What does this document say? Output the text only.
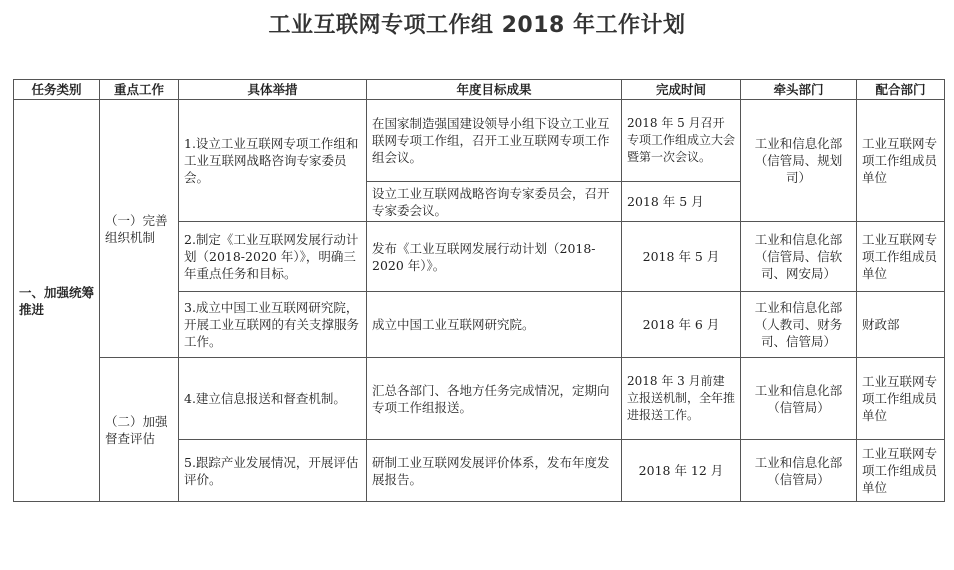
工业互联网专项工作组 2018 年工作计划
任务类别	重点工作	具体举措	年度目标成果	完成时间	牵头部门	配合部门
一、加强统筹推进	（一）完善组织机制	1.设立工业互联网专项工作组和工业互联网战略咨询专家委员会。	在国家制造强国建设领导小组下设立工业互联网专项工作组，召开工业互联网专项工作组会议。	2018 年 5 月召开专项工作组成立大会暨第一次会议。	工业和信息化部（信管局、规划司）	工业互联网专项工作组成员单位
			设立工业互联网战略咨询专家委员会，召开专家委会议。	2018 年 5 月		
		2.制定《工业互联网发展行动计划（2018-2020 年）》，明确三年重点任务和目标。	发布《工业互联网发展行动计划（2018-2020 年）》。	2018 年 5 月	工业和信息化部（信管局、信软司、网安局）	工业互联网专项工作组成员单位
		3.成立中国工业互联网研究院，开展工业互联网的有关支撑服务工作。	成立中国工业互联网研究院。	2018 年 6 月	工业和信息化部（人教司、财务司、信管局）	财政部
	（二）加强督查评估	4.建立信息报送和督查机制。	汇总各部门、各地方任务完成情况，定期向专项工作组报送。	2018 年 3 月前建立报送机制，全年推进报送工作。	工业和信息化部（信管局）	工业互联网专项工作组成员单位
		5.跟踪产业发展情况，开展评估评价。	研制工业互联网发展评价体系，发布年度发展报告。	2018 年 12 月	工业和信息化部（信管局）	工业互联网专项工作组成员单位
